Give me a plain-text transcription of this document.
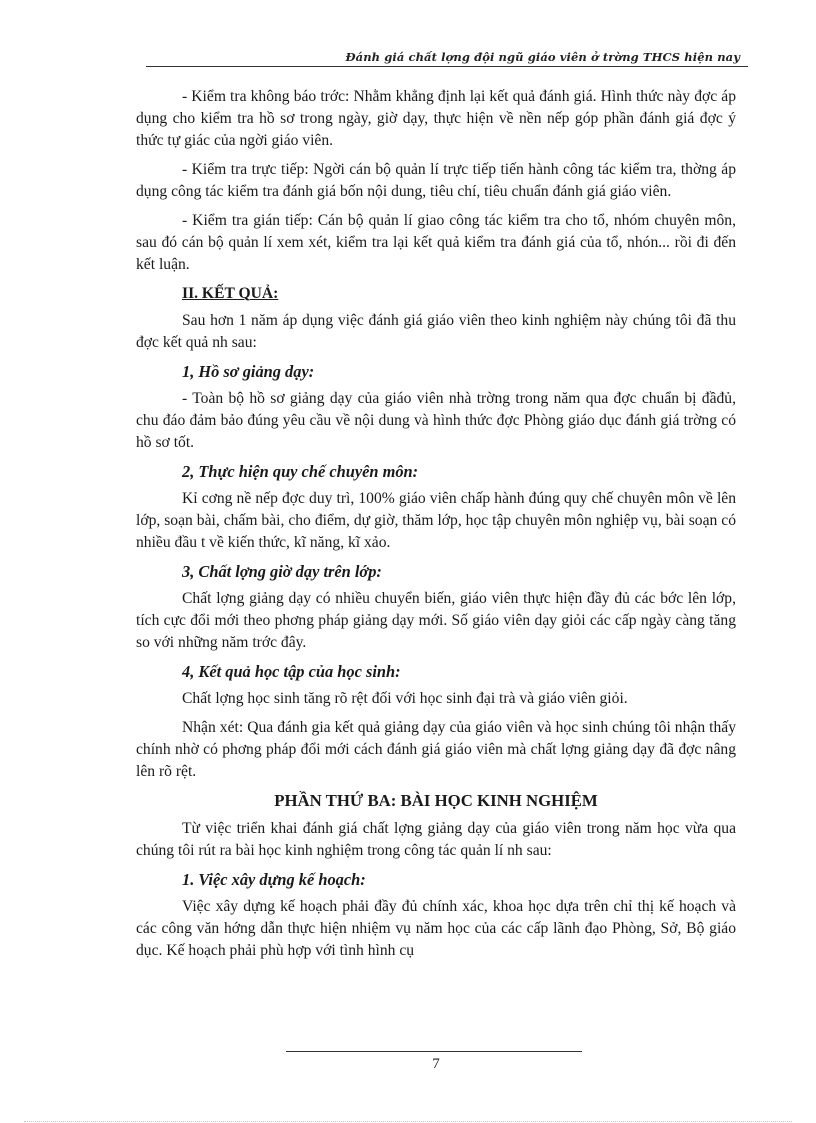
Đánh giá chất lợng đội ngũ giáo viên ở trờng THCS hiện nay

- Kiểm tra không báo trớc: Nhằm khẳng định lại kết quả đánh giá. Hình thức này đợc áp dụng cho kiểm tra hồ sơ trong ngày, giờ dạy, thực hiện về nền nếp góp phần đánh giá đợc ý thức tự giác của ngời giáo viên.

- Kiểm tra trực tiếp: Ngời cán bộ quản lí trực tiếp tiến hành công tác kiểm tra, thờng áp dụng công tác kiểm tra đánh giá bốn nội dung, tiêu chí, tiêu chuẩn đánh giá giáo viên.

- Kiểm tra gián tiếp: Cán bộ quản lí giao công tác kiểm tra cho tổ, nhóm chuyên môn, sau đó cán bộ quản lí xem xét, kiểm tra lại kết quả kiểm tra đánh giá của tổ, nhón... rồi đi đến kết luận.

II. KẾT QUẢ:

Sau hơn 1 năm áp dụng việc đánh giá giáo viên theo kinh nghiệm này chúng tôi đã thu đợc kết quả nh sau:

1, Hồ sơ giảng dạy:

- Toàn bộ hồ sơ giảng dạy của giáo viên nhà trờng trong năm qua đợc chuẩn bị đầđủ, chu đáo đảm bảo đúng yêu cầu về nội dung và hình thức đợc Phòng giáo dục đánh giá trờng có hồ sơ tốt.

2, Thực hiện quy chế chuyên môn:

Kỉ cơng nề nếp đợc duy trì, 100% giáo viên chấp hành đúng quy chế chuyên môn về lên lớp, soạn bài, chấm bài, cho điểm, dự giờ, thăm lớp, học tập chuyên môn nghiệp vụ, bài soạn có nhiều đầu t về kiến thức, kĩ năng, kĩ xảo.

3, Chất lợng giờ dạy trên lớp:

Chất lợng giảng dạy có nhiều chuyển biến, giáo viên thực hiện đầy đủ các bớc lên lớp, tích cực đổi mới theo phơng pháp giảng dạy mới. Số giáo viên dạy giỏi các cấp ngày càng tăng so với những năm trớc đây.

4, Kết quả học tập của học sinh:

Chất lợng học sinh tăng rõ rệt đối với học sinh đại trà và giáo viên giỏi.

Nhận xét: Qua đánh gia kết quả giảng dạy của giáo viên và học sinh chúng tôi nhận thấy chính nhờ có phơng pháp đổi mới cách đánh giá giáo viên mà chất lợng giảng dạy đã đợc nâng lên rõ rệt.

PHẦN THỨ BA: BÀI HỌC KINH NGHIỆM

Từ việc triển khai đánh giá chất lợng giảng dạy của giáo viên trong năm học vừa qua chúng tôi rút ra bài học kinh nghiệm trong công tác quản lí nh sau:

1. Việc xây dựng kế hoạch:

Việc xây dựng kế hoạch phải đầy đủ chính xác, khoa học dựa trên chỉ thị kế hoạch và các công văn hớng dẫn thực hiện nhiệm vụ năm học của các cấp lãnh đạo Phòng, Sở, Bộ giáo dục. Kế hoạch phải phù hợp với tình hình cụ

7
